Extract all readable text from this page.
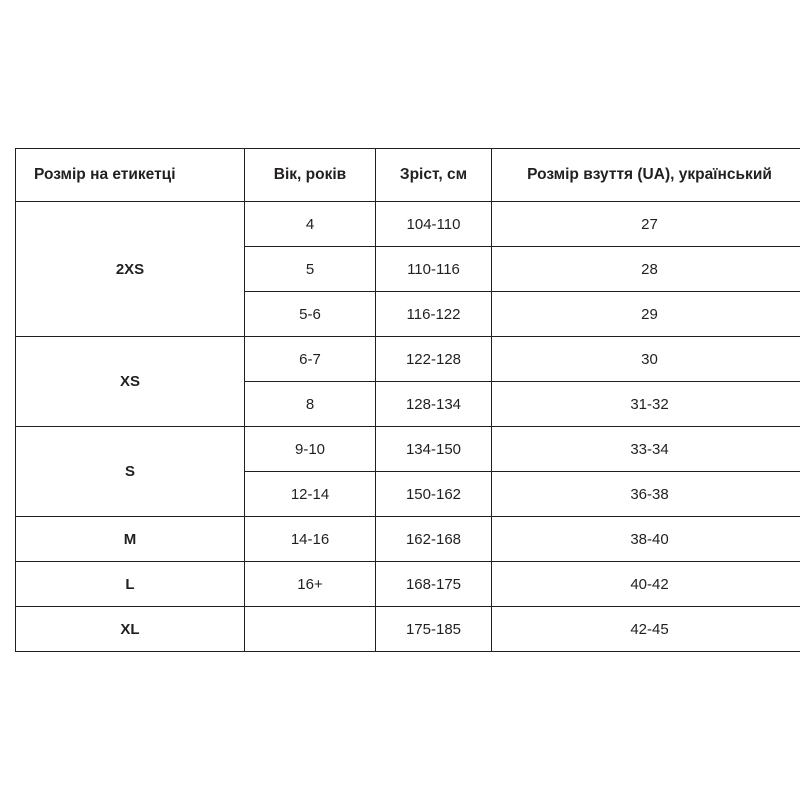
Розмір на етикетці	Вік, років	Зріст, см	Розмір взуття (UA), український
2XS	4	104-110	27
	5	110-116	28
	5-6	116-122	29
XS	6-7	122-128	30
	8	128-134	31-32
S	9-10	134-150	33-34
	12-14	150-162	36-38
M	14-16	162-168	38-40
L	16+	168-175	40-42
XL		175-185	42-45
